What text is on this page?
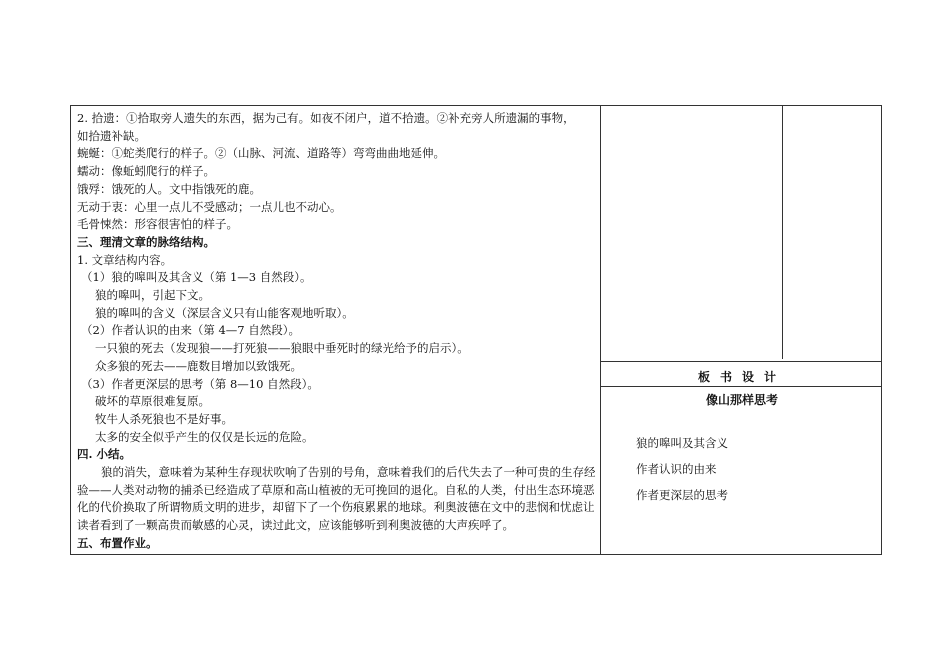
2. 拾遗：①拾取旁人遗失的东西，据为己有。如夜不闭户，道不拾遗。②补充旁人所遗漏的事物，
如拾遗补缺。
蜿蜒：①蛇类爬行的样子。②（山脉、河流、道路等）弯弯曲曲地延伸。
蠕动：像蚯蚓爬行的样子。
饿殍：饿死的人。文中指饿死的鹿。
无动于衷：心里一点儿不受感动；一点儿也不动心。
毛骨悚然：形容很害怕的样子。
三、理清文章的脉络结构。
1. 文章结构内容。
（1）狼的嗥叫及其含义（第 1—3 自然段）。
狼的嗥叫，引起下文。
狼的嗥叫的含义（深层含义只有山能客观地听取）。
（2）作者认识的由来（第 4—7 自然段）。
一只狼的死去（发现狼——打死狼——狼眼中垂死时的绿光给予的启示）。
众多狼的死去——鹿数目增加以致饿死。
（3）作者更深层的思考（第 8—10 自然段）。
破坏的草原很难复原。
牧牛人杀死狼也不是好事。
太多的安全似乎产生的仅仅是长远的危险。
四. 小结。
狼的消失，意味着为某种生存现状吹响了告别的号角，意味着我们的后代失去了一种可贵的生存经验——人类对动物的捕杀已经造成了草原和高山植被的无可挽回的退化。自私的人类，付出生态环境恶化的代价换取了所谓物质文明的进步，却留下了一个伤痕累累的地球。利奥波德在文中的悲悯和忧虑让读者看到了一颗高贵而敏感的心灵，读过此文，应该能够听到利奥波德的大声疾呼了。
五、布置作业。
板书设计
像山那样思考
狼的嗥叫及其含义
作者认识的由来
作者更深层的思考
